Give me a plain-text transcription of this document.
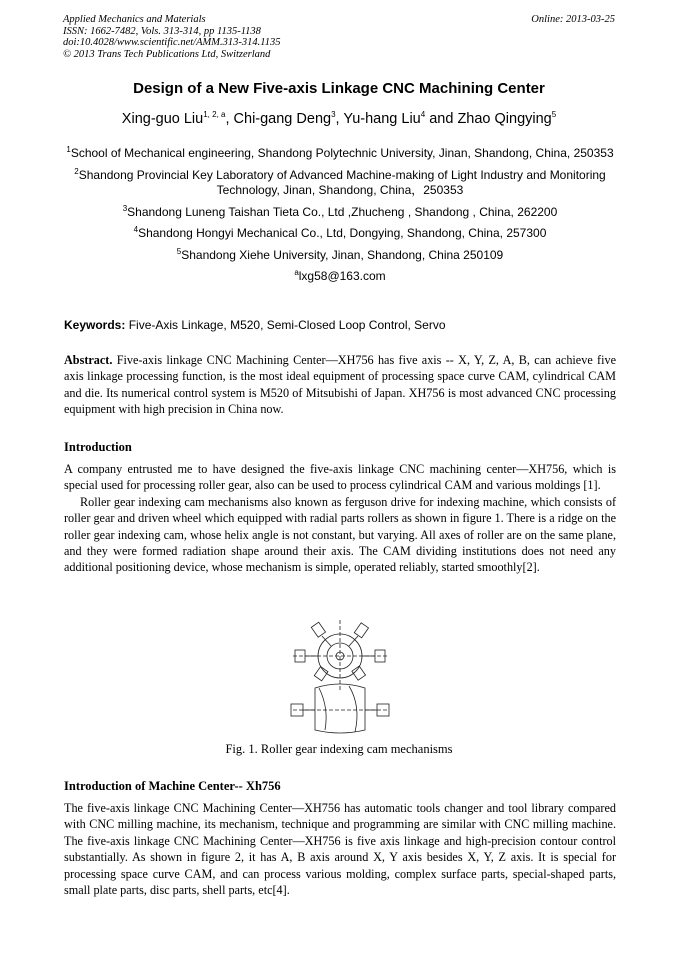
Applied Mechanics and Materials
ISSN: 1662-7482, Vols. 313-314, pp 1135-1138
doi:10.4028/www.scientific.net/AMM.313-314.1135
© 2013 Trans Tech Publications Ltd, Switzerland
Online: 2013-03-25
Design of a New Five-axis Linkage CNC Machining Center
Xing-guo Liu$^{1, 2, a}$, Chi-gang Deng$^3$, Yu-hang Liu$^4$ and Zhao Qingying$^5$

$^1$School of Mechanical engineering, Shandong Polytechnic University, Jinan, Shandong, China, 250353

$^2$Shandong Provincial Key Laboratory of Advanced Machine-making of Light Industry and Monitoring Technology, Jinan, Shandong, China，250353

$^3$Shandong Luneng Taishan Tieta Co., Ltd ,Zhucheng , Shandong , China, 262200

$^4$Shandong Hongyi Mechanical Co., Ltd, Dongying, Shandong, China, 257300

$^5$Shandong Xiehe University, Jinan, Shandong, China 250109

$^a$lxg58@163.com

Keywords: Five-Axis Linkage, M520, Semi-Closed Loop Control, Servo

Abstract. Five-axis linkage CNC Machining Center—XH756 has five axis -- X, Y, Z, A, B, can achieve five axis linkage processing function, is the most ideal equipment of processing space curve CAM, cylindrical CAM and die. Its numerical control system is M520 of Mitsubishi of Japan. XH756 is most advanced CNC processing equipment with high precision in China now.

Introduction

A company entrusted me to have designed the five-axis linkage CNC machining center—XH756, which is special used for processing roller gear, also can be used to process cylindrical CAM and various moldings [1].

Roller gear indexing cam mechanisms also known as ferguson drive for indexing machine, which consists of roller gear and driven wheel which equipped with radial parts rollers as shown in figure 1. There is a ridge on the roller gear indexing cam, whose helix angle is not constant, but varying. All axes of roller are on the same plane, and they were formed radiation shape around their axis. The CAM dividing institutions does not need any additional positioning device, whose mechanism is simple, operated reliably, started smoothly[2].

Fig. 1. Roller gear indexing cam mechanisms
Introduction of Machine Center-- Xh756

The five-axis linkage CNC Machining Center—XH756 has automatic tools changer and tool library compared with CNC milling machine, its mechanism, technique and programming are similar with CNC milling machine. The five-axis linkage CNC Machining Center—XH756 is five axis linkage and high-precision contour control substantially. As shown in figure 2, it has A, B axis around X, Y axis besides X, Y, Z axis. It is special for processing space curve CAM, and can process various molding, complex surface parts, special-shaped parts, small plate parts, disc parts, shell parts, etc[4].
